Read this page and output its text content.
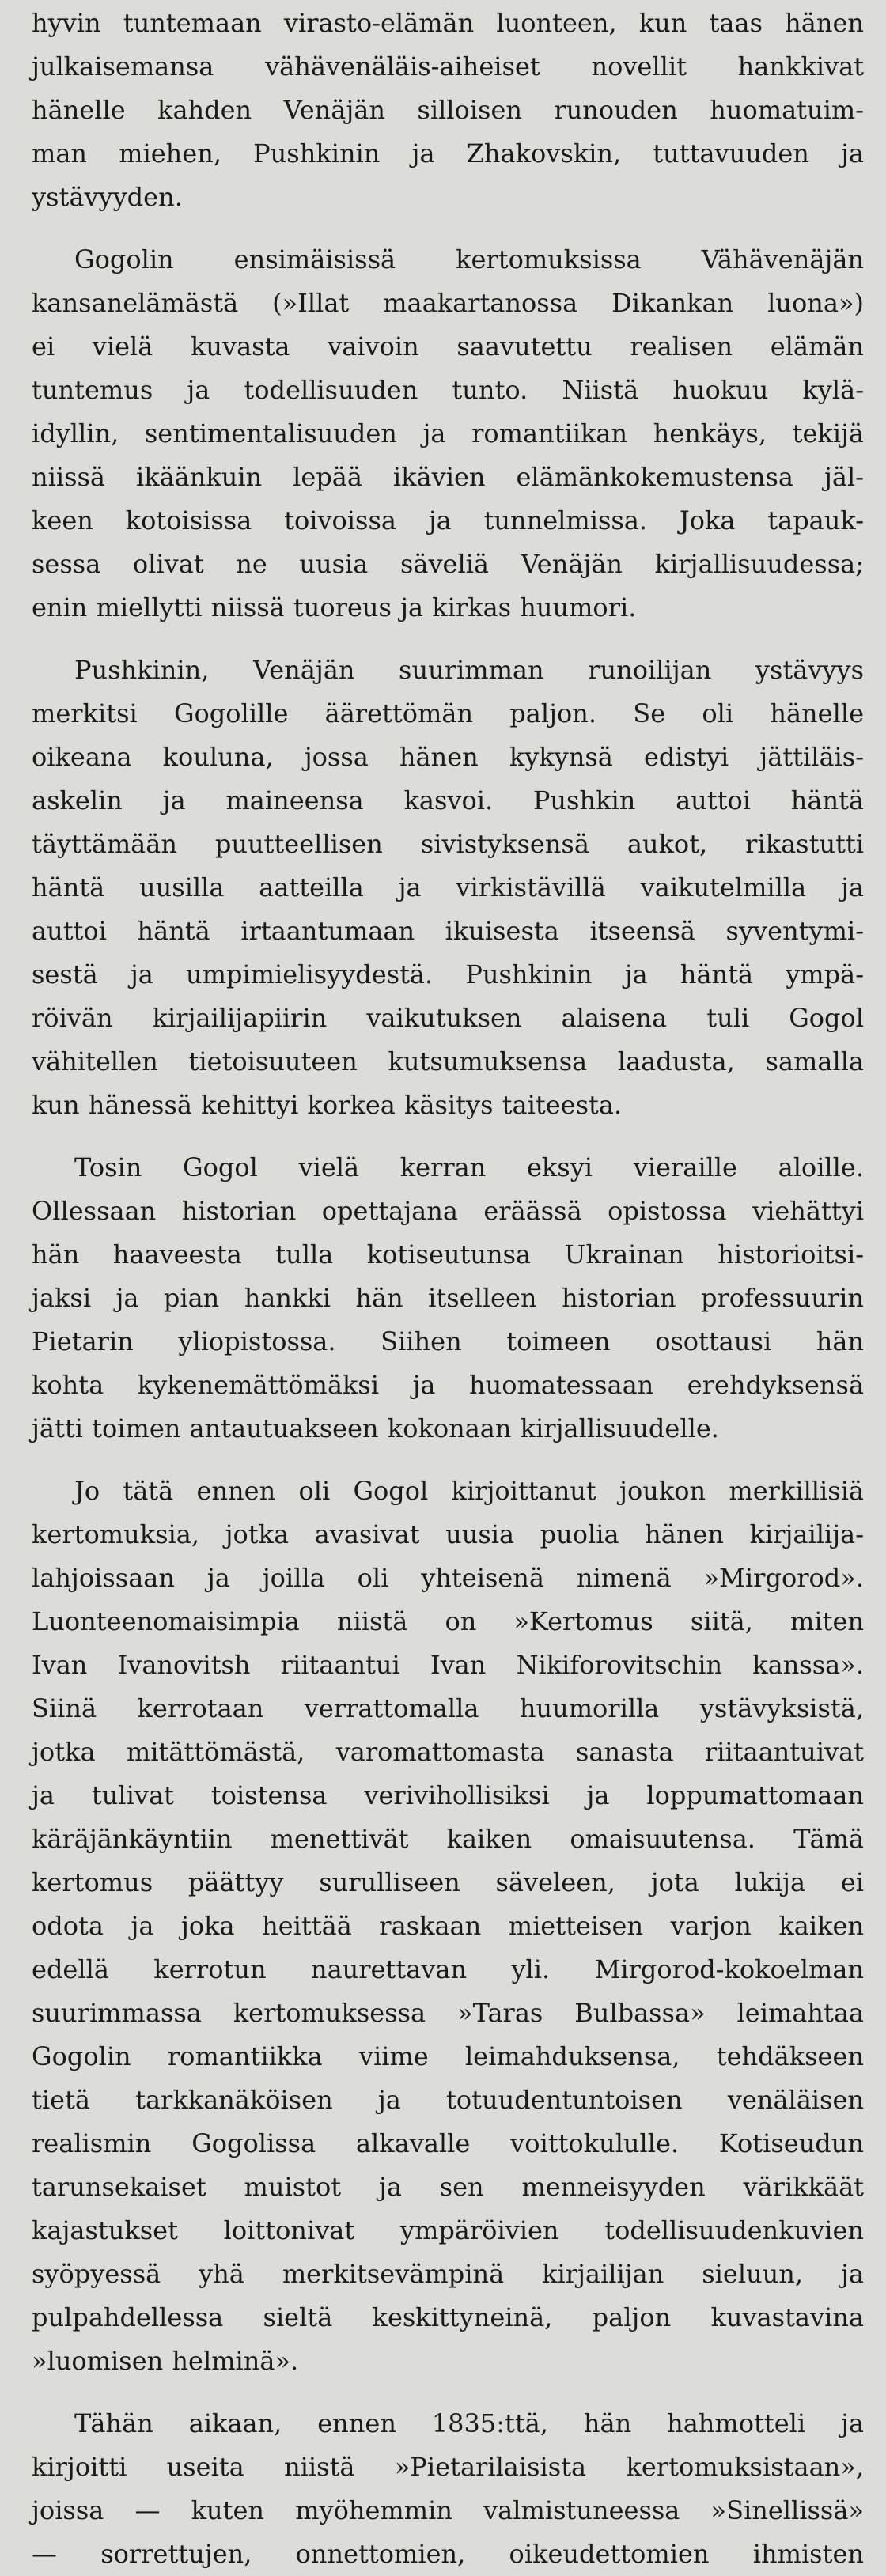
hyvin tuntemaan virasto-elämän luonteen, kun taas hänen
julkaisemansa vähävenäläis-aiheiset novellit hankkivat
hänelle kahden Venäjän silloisen runouden huomatuim-
man miehen, Pushkinin ja Zhakovskin, tuttavuuden ja
ystävyyden.

Gogolin ensimäisissä kertomuksissa Vähävenäjän
kansanelämästä (»Illat maakartanossa Dikankan luona»)
ei vielä kuvasta vaivoin saavutettu realisen elämän
tuntemus ja todellisuuden tunto. Niistä huokuu kylä-
idyllin, sentimentalisuuden ja romantiikan henkäys, tekijä
niissä ikäänkuin lepää ikävien elämänkokemustensa jäl-
keen kotoisissa toivoissa ja tunnelmissa. Joka tapauk-
sessa olivat ne uusia säveliä Venäjän kirjallisuudessa;
enin miellytti niissä tuoreus ja kirkas huumori.

Pushkinin, Venäjän suurimman runoilijan ystävyys
merkitsi Gogolille äärettömän paljon. Se oli hänelle
oikeana kouluna, jossa hänen kykynsä edistyi jättiläis-
askelin ja maineensa kasvoi. Pushkin auttoi häntä
täyttämään puutteellisen sivistyksensä aukot, rikastutti
häntä uusilla aatteilla ja virkistävillä vaikutelmilla ja
auttoi häntä irtaantumaan ikuisesta itseensä syventymi-
sestä ja umpimielisyydestä. Pushkinin ja häntä ympä-
röivän kirjailijapiirin vaikutuksen alaisena tuli Gogol
vähitellen tietoisuuteen kutsumuksensa laadusta, samalla
kun hänessä kehittyi korkea käsitys taiteesta.

Tosin Gogol vielä kerran eksyi vieraille aloille.
Ollessaan historian opettajana eräässä opistossa viehättyi
hän haaveesta tulla kotiseutunsa Ukrainan historioitsi-
jaksi ja pian hankki hän itselleen historian professuurin
Pietarin yliopistossa. Siihen toimeen osottausi hän
kohta kykenemättömäksi ja huomatessaan erehdyksensä
jätti toimen antautuakseen kokonaan kirjallisuudelle.

Jo tätä ennen oli Gogol kirjoittanut joukon merkillisiä
kertomuksia, jotka avasivat uusia puolia hänen kirjailija-
lahjoissaan ja joilla oli yhteisenä nimenä »Mirgorod».
Luonteenomaisimpia niistä on »Kertomus siitä, miten
Ivan Ivanovitsh riitaantui Ivan Nikiforovitschin kanssa».
Siinä kerrotaan verrattomalla huumorilla ystävyksistä,
jotka mitättömästä, varomattomasta sanasta riitaantuivat
ja tulivat toistensa verivihollisiksi ja loppumattomaan
käräjänkäyntiin menettivät kaiken omaisuutensa. Tämä
kertomus päättyy surulliseen säveleen, jota lukija ei
odota ja joka heittää raskaan mietteisen varjon kaiken
edellä kerrotun naurettavan yli. Mirgorod-kokoelman
suurimmassa kertomuksessa »Taras Bulbassa» leimahtaa
Gogolin romantiikka viime leimahduksensa, tehdäkseen
tietä tarkkanäköisen ja totuudentuntoisen venäläisen
realismin Gogolissa alkavalle voittokululle. Kotiseudun
tarunsekaiset muistot ja sen menneisyyden värikkäät
kajastukset loittonivat ympäröivien todellisuudenkuvien
syöpyessä yhä merkitsevämpinä kirjailijan sieluun, ja
pulpahdellessa sieltä keskittyneinä, paljon kuvastavina
»luomisen helminä».

Tähän aikaan, ennen 1835:ttä, hän hahmotteli ja
kirjoitti useita niistä »Pietarilaisista kertomuksistaan»,
joissa — kuten myöhemmin valmistuneessa »Sinellissä»
— sorrettujen, onnettomien, oikeudettomien ihmisten
